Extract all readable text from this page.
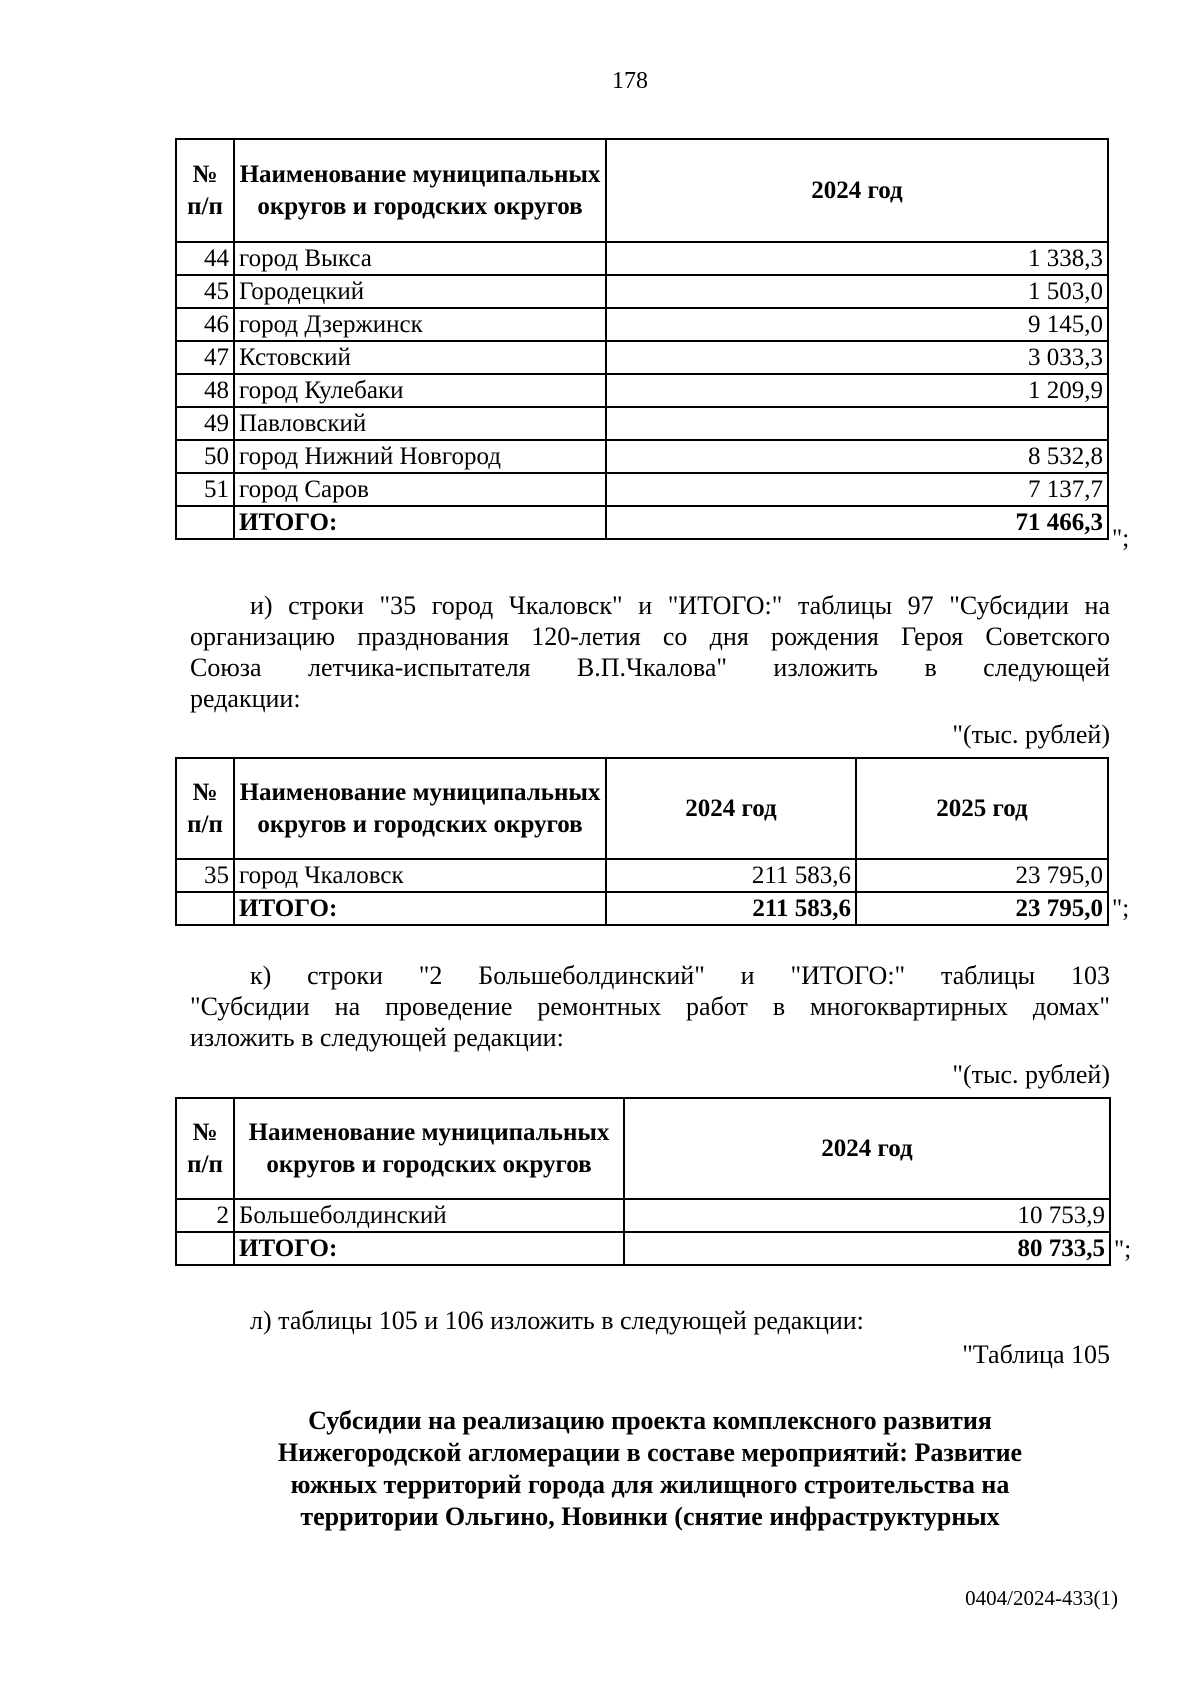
178
№ п/п	Наименование муниципальных округов и городских округов	2024 год
44	город Выкса	1 338,3
45	Городецкий	1 503,0
46	город Дзержинск	9 145,0
47	Кстовский	3 033,3
48	город Кулебаки	1 209,9
49	Павловский	
50	город Нижний Новгород	8 532,8
51	город Саров	7 137,7
	ИТОГО:	71 466,3
";
и) строки "35 город Чкаловск" и "ИТОГО:" таблицы 97 "Субсидии на
организацию празднования 120-летия со дня рождения Героя Советского
Союза летчика-испытателя В.П.Чкалова" изложить в следующей
редакции:
"(тыс. рублей)
№ п/п	Наименование муниципальных округов и городских округов	2024 год	2025 год
35	город Чкаловск	211 583,6	23 795,0
	ИТОГО:	211 583,6	23 795,0 ";
к) строки "2 Большеболдинский" и "ИТОГО:" таблицы 103
"Субсидии на проведение ремонтных работ в многоквартирных домах"
изложить в следующей редакции:
"(тыс. рублей)
№ п/п	Наименование муниципальных округов и городских округов	2024 год
2	Большеболдинский	10 753,9
	ИТОГО:	80 733,5 ";
л) таблицы 105 и 106 изложить в следующей редакции:
"Таблица 105
Субсидии на реализацию проекта комплексного развития
Нижегородской агломерации в составе мероприятий: Развитие
южных территорий города для жилищного строительства на
территории Ольгино, Новинки (снятие инфраструктурных
0404/2024-433(1)
